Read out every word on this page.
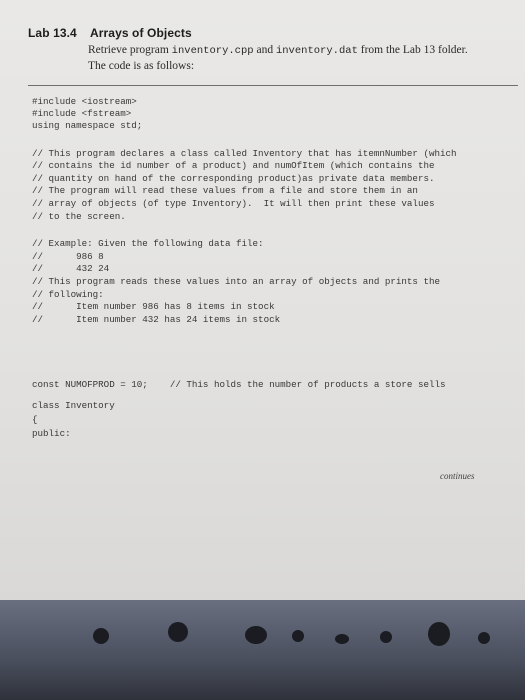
Lab 13.4 Arrays of Objects
Retrieve program inventory.cpp and inventory.dat from the Lab 13 folder.
The code is as follows:
#include <iostream>
#include <fstream>
using namespace std;
// This program declares a class called Inventory that has itemnNumber (which
// contains the id number of a product) and numOfItem (which contains the
// quantity on hand of the corresponding product)as private data members.
// The program will read these values from a file and store them in an
// array of objects (of type Inventory).  It will then print these values
// to the screen.
// Example: Given the following data file:
//      986 8
//      432 24
// This program reads these values into an array of objects and prints the
// following:
//      Item number 986 has 8 items in stock
//      Item number 432 has 24 items in stock
const NUMOFPROD = 10;    // This holds the number of products a store sells
class Inventory
{
public:
continues
